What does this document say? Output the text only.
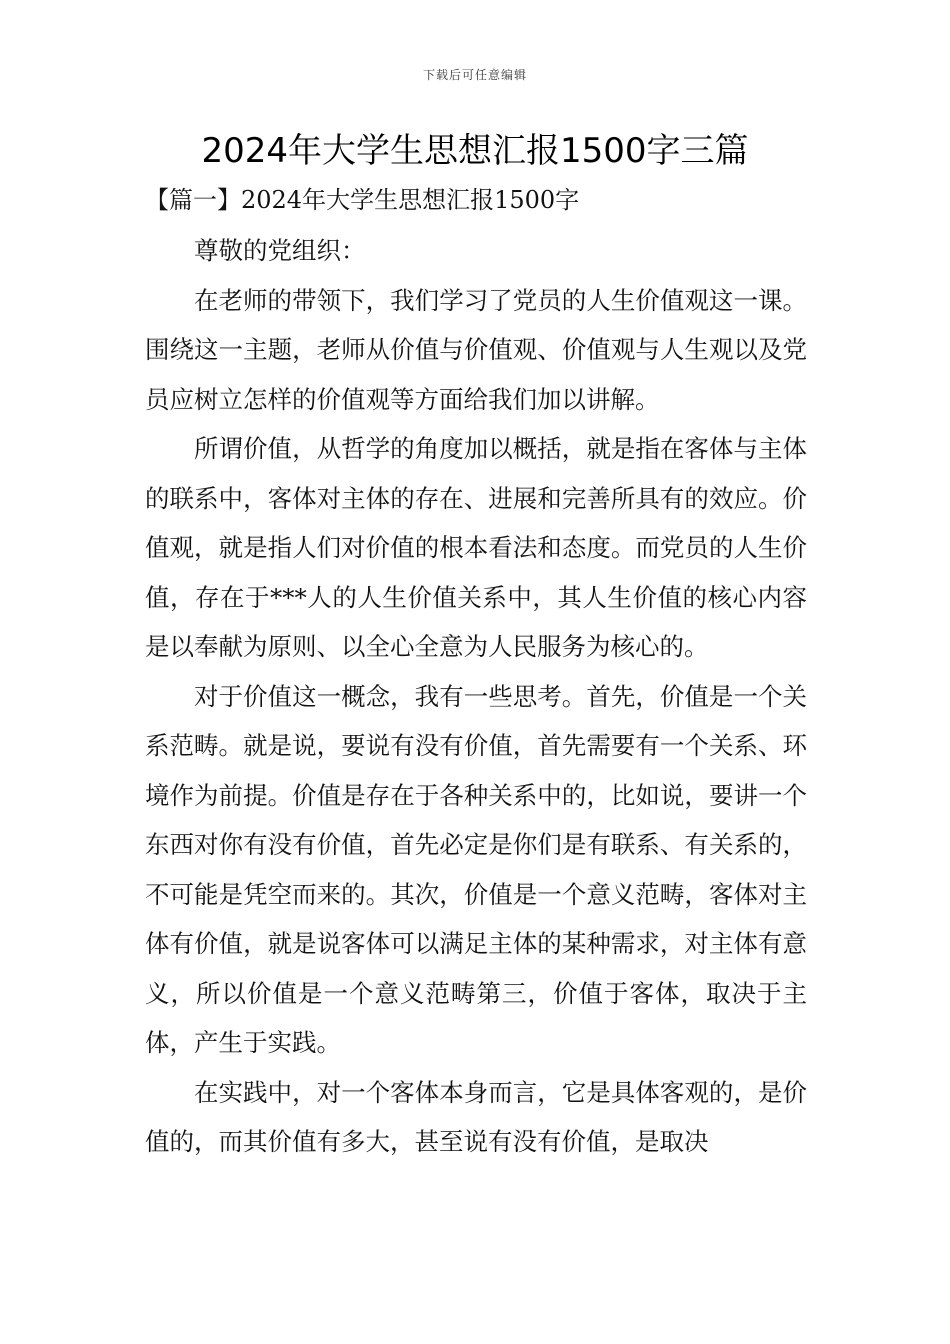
下载后可任意编辑
2024年大学生思想汇报1500字三篇
【篇一】2024年大学生思想汇报1500字

尊敬的党组织：

在老师的带领下，我们学习了党员的人生价值观这一课。围绕这一主题，老师从价值与价值观、价值观与人生观以及党员应树立怎样的价值观等方面给我们加以讲解。

所谓价值，从哲学的角度加以概括，就是指在客体与主体的联系中，客体对主体的存在、进展和完善所具有的效应。价值观，就是指人们对价值的根本看法和态度。而党员的人生价值，存在于***人的人生价值关系中，其人生价值的核心内容是以奉献为原则、以全心全意为人民服务为核心的。

对于价值这一概念，我有一些思考。首先，价值是一个关系范畴。就是说，要说有没有价值，首先需要有一个关系、环境作为前提。价值是存在于各种关系中的，比如说，要讲一个东西对你有没有价值，首先必定是你们是有联系、有关系的，不可能是凭空而来的。其次，价值是一个意义范畴，客体对主体有价值，就是说客体可以满足主体的某种需求，对主体有意义，所以价值是一个意义范畴第三，价值于客体，取决于主体，产生于实践。

在实践中，对一个客体本身而言，它是具体客观的，是价值的，而其价值有多大，甚至说有没有价值，是取决
